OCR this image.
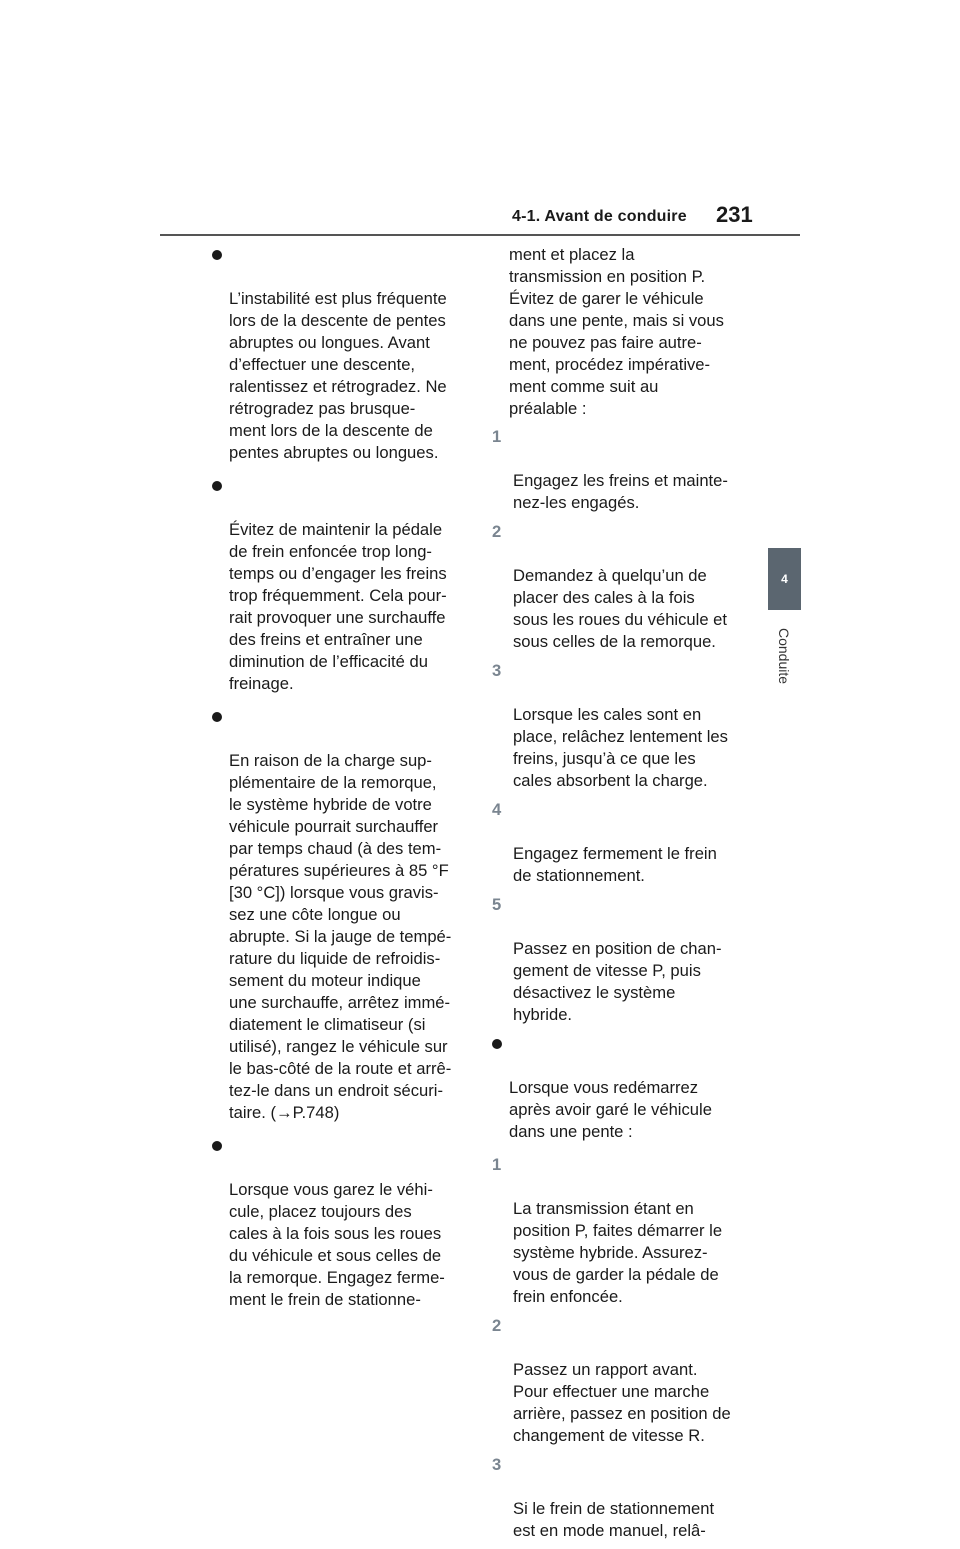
4-1. Avant de conduire 231
4
Conduite

L’instabilité est plus fréquente
lors de la descente de pentes
abruptes ou longues. Avant
d’effectuer une descente,
ralentissez et rétrogradez. Ne
rétrogradez pas brusque-
ment lors de la descente de
pentes abruptes ou longues.

Évitez de maintenir la pédale
de frein enfoncée trop long-
temps ou d’engager les freins
trop fréquemment. Cela pour-
rait provoquer une surchauffe
des freins et entraîner une
diminution de l’efficacité du
freinage.

En raison de la charge sup-
plémentaire de la remorque,
le système hybride de votre
véhicule pourrait surchauffer
par temps chaud (à des tem-
pératures supérieures à 85 °F
[30 °C]) lorsque vous gravis-
sez une côte longue ou
abrupte. Si la jauge de tempé-
rature du liquide de refroidis-
sement du moteur indique
une surchauffe, arrêtez immé-
diatement le climatiseur (si
utilisé), rangez le véhicule sur
le bas-côté de la route et arrê-
tez-le dans un endroit sécuri-
taire. (→P.748)

Lorsque vous garez le véhi-
cule, placez toujours des
cales à la fois sous les roues
du véhicule et sous celles de
la remorque. Engagez ferme-
ment le frein de stationne-

ment et placez la
transmission en position P.
Évitez de garer le véhicule
dans une pente, mais si vous
ne pouvez pas faire autre-
ment, procédez impérative-
ment comme suit au
préalable :

1

Engagez les freins et mainte-
nez-les engagés.

2

Demandez à quelqu’un de
placer des cales à la fois
sous les roues du véhicule et
sous celles de la remorque.

3

Lorsque les cales sont en
place, relâchez lentement les
freins, jusqu’à ce que les
cales absorbent la charge.

4

Engagez fermement le frein
de stationnement.

5

Passez en position de chan-
gement de vitesse P, puis
désactivez le système
hybride.

Lorsque vous redémarrez
après avoir garé le véhicule
dans une pente :

1

La transmission étant en
position P, faites démarrer le
système hybride. Assurez-
vous de garder la pédale de
frein enfoncée.

2

Passez un rapport avant.
Pour effectuer une marche
arrière, passez en position de
changement de vitesse R.

3

Si le frein de stationnement
est en mode manuel, relâ-
